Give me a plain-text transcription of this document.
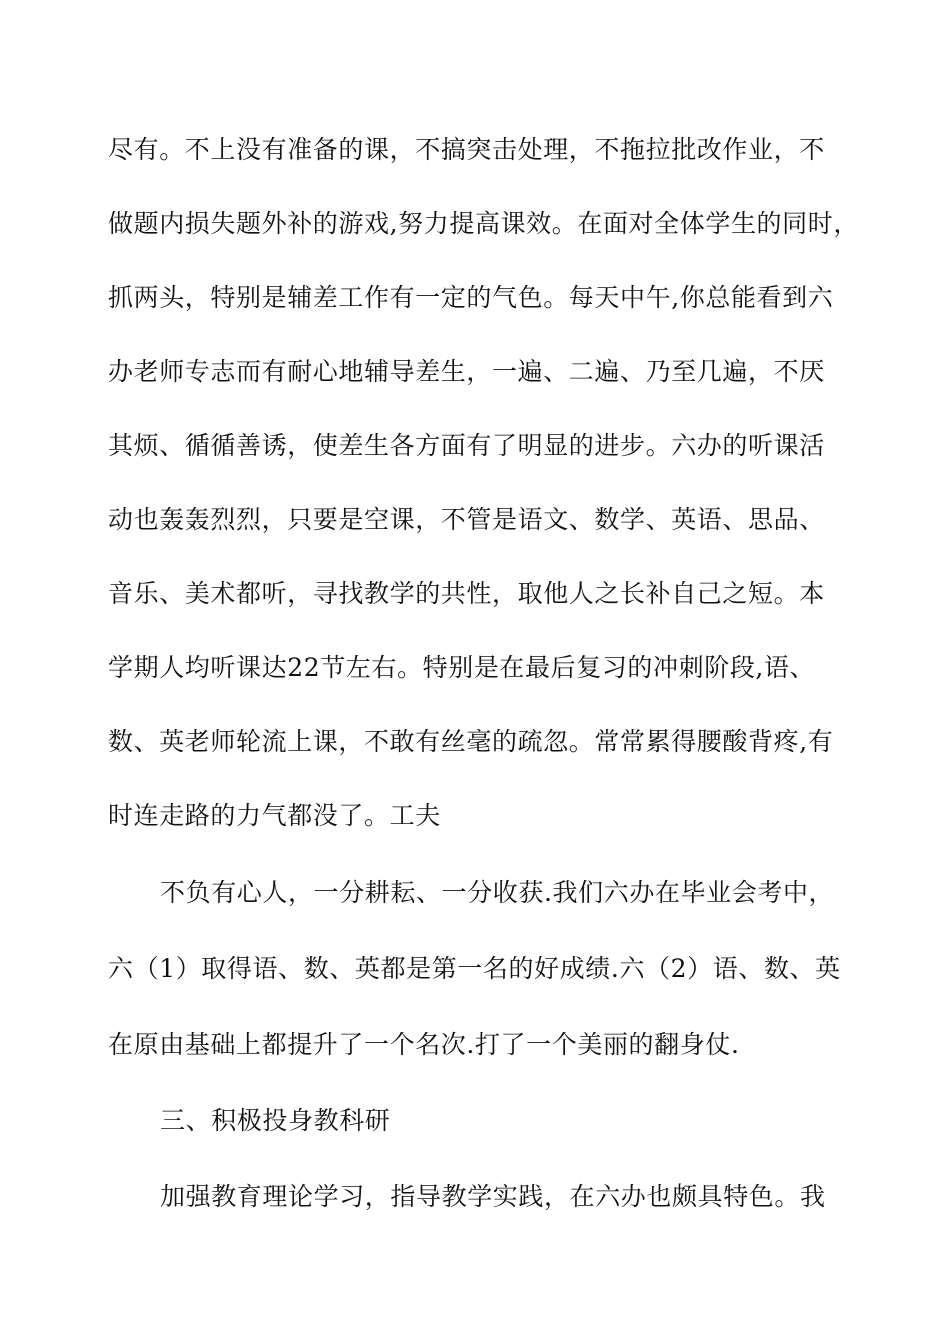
尽有。不上没有准备的课，不搞突击处理，不拖拉批改作业，不
做题内损失题外补的游戏,努力提高课效。在面对全体学生的同时，
抓两头，特别是辅差工作有一定的气色。每天中午,你总能看到六
办老师专志而有耐心地辅导差生，一遍、二遍、乃至几遍，不厌
其烦、循循善诱，使差生各方面有了明显的进步。六办的听课活
动也轰轰烈烈，只要是空课，不管是语文、数学、英语、思品、
音乐、美术都听，寻找教学的共性，取他人之长补自己之短。本
学期人均听课达22节左右。特别是在最后复习的冲刺阶段,语、
数、英老师轮流上课，不敢有丝毫的疏忽。常常累得腰酸背疼,有
时连走路的力气都没了。工夫
不负有心人，一分耕耘、一分收获.我们六办在毕业会考中，
六（1）取得语、数、英都是第一名的好成绩.六（2）语、数、英
在原由基础上都提升了一个名次.打了一个美丽的翻身仗.
三、积极投身教科研
加强教育理论学习，指导教学实践，在六办也颇具特色。我
